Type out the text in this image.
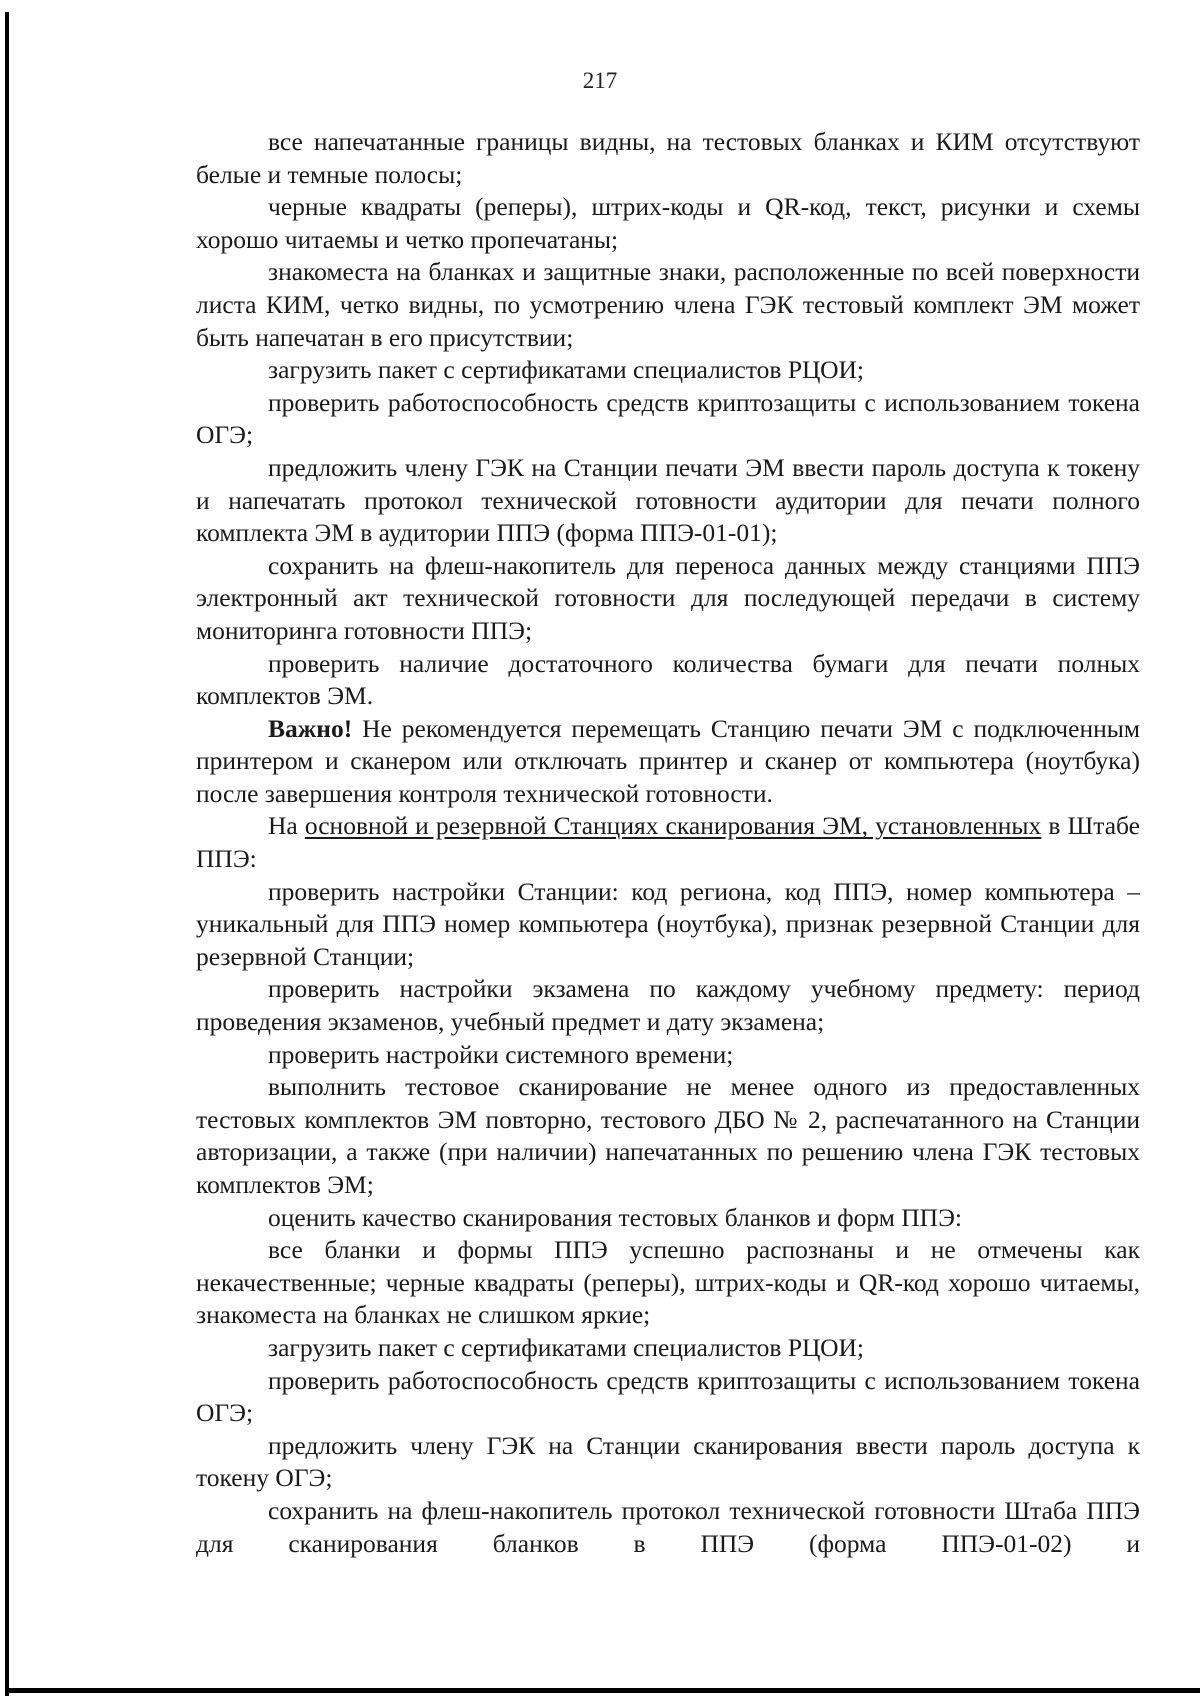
217

все напечатанные границы видны, на тестовых бланках и КИМ отсутствуют белые и темные полосы;

черные квадраты (реперы), штрих-коды и QR-код, текст, рисунки и схемы хорошо читаемы и четко пропечатаны;

знакоместа на бланках и защитные знаки, расположенные по всей поверхности листа КИМ, четко видны, по усмотрению члена ГЭК тестовый комплект ЭМ может быть напечатан в его присутствии;

загрузить пакет с сертификатами специалистов РЦОИ;

проверить работоспособность средств криптозащиты с использованием токена ОГЭ;

предложить члену ГЭК на Станции печати ЭМ ввести пароль доступа к токену и напечатать протокол технической готовности аудитории для печати полного комплекта ЭМ в аудитории ППЭ (форма ППЭ-01-01);

сохранить на флеш-накопитель для переноса данных между станциями ППЭ электронный акт технической готовности для последующей передачи в систему мониторинга готовности ППЭ;

проверить наличие достаточного количества бумаги для печати полных комплектов ЭМ.

Важно! Не рекомендуется перемещать Станцию печати ЭМ с подключенным принтером и сканером или отключать принтер и сканер от компьютера (ноутбука) после завершения контроля технической готовности.

На основной и резервной Станциях сканирования ЭМ, установленных в Штабе ППЭ:

проверить настройки Станции: код региона, код ППЭ, номер компьютера – уникальный для ППЭ номер компьютера (ноутбука), признак резервной Станции для резервной Станции;

проверить настройки экзамена по каждому учебному предмету: период проведения экзаменов, учебный предмет и дату экзамена;

проверить настройки системного времени;

выполнить тестовое сканирование не менее одного из предоставленных тестовых комплектов ЭМ повторно, тестового ДБО № 2, распечатанного на Станции авторизации, а также (при наличии) напечатанных по решению члена ГЭК тестовых комплектов ЭМ;

оценить качество сканирования тестовых бланков и форм ППЭ:

все бланки и формы ППЭ успешно распознаны и не отмечены как некачественные; черные квадраты (реперы), штрих-коды и QR-код хорошо читаемы, знакоместа на бланках не слишком яркие;

загрузить пакет с сертификатами специалистов РЦОИ;

проверить работоспособность средств криптозащиты с использованием токена ОГЭ;

предложить члену ГЭК на Станции сканирования ввести пароль доступа к токену ОГЭ;

сохранить на флеш-накопитель протокол технической готовности Штаба ППЭ для сканирования бланков в ППЭ (форма ППЭ-01-02) и
